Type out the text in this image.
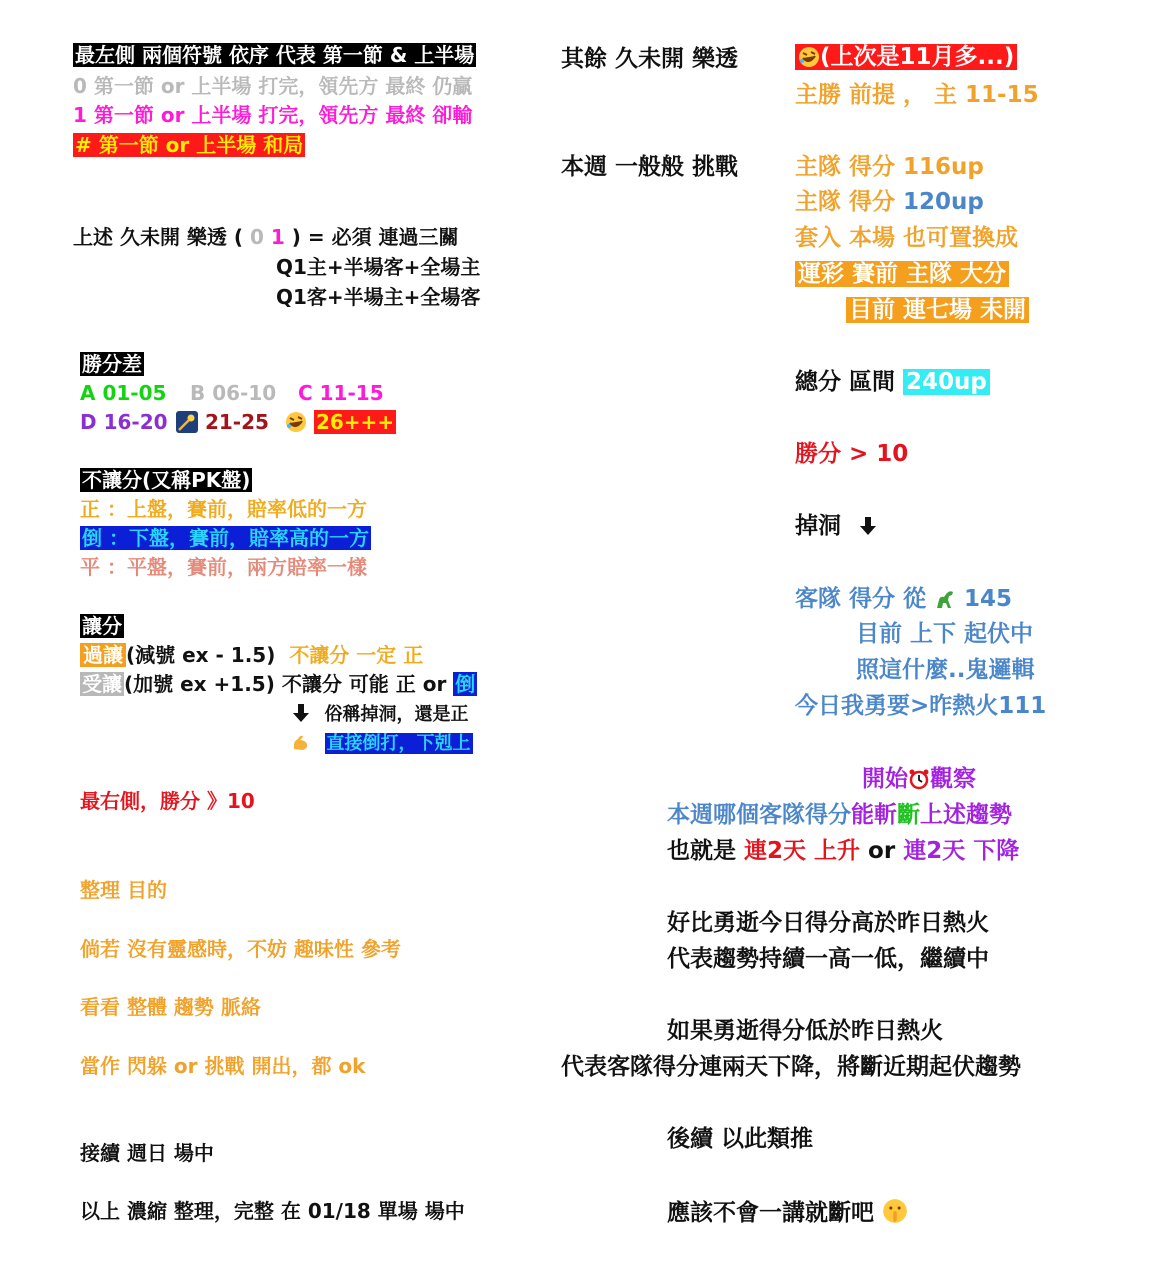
最左側 兩個符號 依序 代表 第一節 & 上半場
0 第一節 or 上半場 打完，領先方 最終 仍贏
1 第一節 or 上半場 打完，領先方 最終 卻輸
# 第一節 or 上半場 和局
上述 久未開 樂透 ( 0 1 ) = 必須 連過三關
Q1主+半場客+全場主
Q1客+半場主+全場客
勝分差
A 01-05 B 06-10 C 11-15
D 16-20	21-25	26+++
不讓分(又稱PK盤)
正 ：上盤，賽前，賠率低的一方
倒 ：下盤，賽前，賠率高的一方
平 ：平盤，賽前，兩方賠率一樣
讓分
過讓 (減號 ex - 1.5) 不讓分 一定 正
受讓 (加號 ex +1.5) 不讓分 可能 正 or 倒
俗稱掉洞，還是正
直接倒打，下剋上
最右側，勝分 》10
整理 目的
倘若 沒有靈感時，不妨 趣味性 參考
看看 整體 趨勢 脈絡
當作 閃躲 or 挑戰 開出，都 ok
接續 週日 場中
以上 濃縮 整理，完整 在 01/18 單場 場中
其餘 久未開 樂透	(上次是11月多...)
主勝 前提 ， 主 11-15
本週 一般般 挑戰 主隊 得分 116up
主隊 得分 120up
套入 本場 也可置換成
運彩 賽前 主隊 大分
目前 連七場 未開
總分 區間 240up
勝分 > 10
掉洞
客隊 得分 從  145
目前 上下 起伏中
照這什麼..鬼邏輯
今日我勇要>昨熱火111
開始 觀察
本週哪個客隊得分能斬斷上述趨勢
也就是 連2天 上升 or 連2天 下降
好比勇逝今日得分高於昨日熱火
代表趨勢持續一高一低，繼續中
如果勇逝得分低於昨日熱火
代表客隊得分連兩天下降，將斷近期起伏趨勢
後續 以此類推
應該不會一講就斷吧
